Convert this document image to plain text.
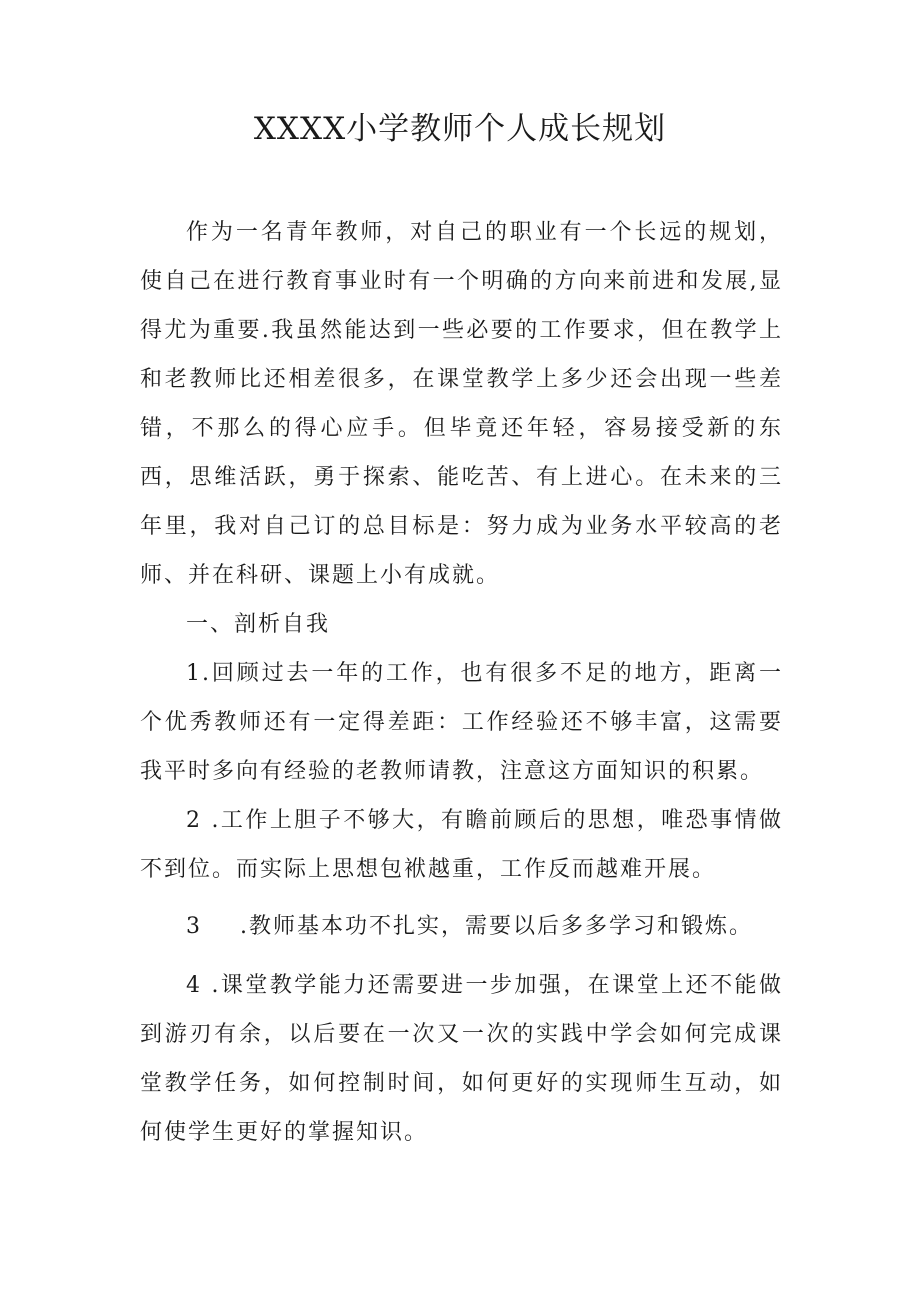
XXXX小学教师个人成长规划

作为一名青年教师，对自己的职业有一个长远的规划，使自己在进行教育事业时有一个明确的方向来前进和发展,显得尤为重要.我虽然能达到一些必要的工作要求，但在教学上和老教师比还相差很多，在课堂教学上多少还会出现一些差错，不那么的得心应手。但毕竟还年轻，容易接受新的东西，思维活跃，勇于探索、能吃苦、有上进心。在未来的三年里，我对自己订的总目标是：努力成为业务水平较高的老师、并在科研、课题上小有成就。

一、剖析自我

1.回顾过去一年的工作，也有很多不足的地方，距离一个优秀教师还有一定得差距：工作经验还不够丰富，这需要我平时多向有经验的老教师请教，注意这方面知识的积累。

2 .工作上胆子不够大，有瞻前顾后的思想，唯恐事情做不到位。而实际上思想包袱越重，工作反而越难开展。

3 .教师基本功不扎实，需要以后多多学习和锻炼。

4 .课堂教学能力还需要进一步加强，在课堂上还不能做到游刃有余，以后要在一次又一次的实践中学会如何完成课堂教学任务，如何控制时间，如何更好的实现师生互动，如何使学生更好的掌握知识。
